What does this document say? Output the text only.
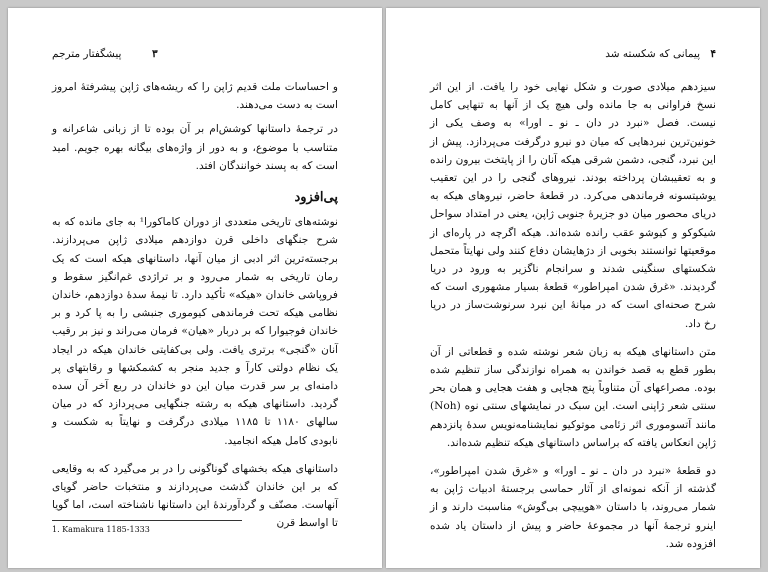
۳
پیشگفتار مترجم

و احساسات ملت قدیم ژاپن را که ریشه‌های ژاپن پیشرفتهٔ امروز است به دست می‌دهند.

در ترجمهٔ داستانها کوشش‌ام بر آن بوده تا از زبانی شاعرانه و متناسب با موضوع، و به دور از واژه‌های بیگانه بهره جویم. امید است که به پسند خوانندگان افتد.

پی‌افزود

نوشته‌های تاریخی متعددی از دوران کاماکورا¹ به جای مانده که به شرح جنگهای داخلی قرن دوازدهم میلادی ژاپن می‌پردازند. برجسته‌ترین اثر ادبی از میان آنها، داستانهای هیکه است که یک رمان تاریخی به شمار می‌رود و بر تراژدی غم‌انگیز سقوط و فروپاشی خاندان «هیکه» تأکید دارد. تا نیمهٔ سدهٔ دوازدهم، خاندان نظامی هیکه تحت فرماندهی کیوموری جنبشی را به پا کرد و بر خاندان فوجیوارا که بر دربار «هیان» فرمان می‌راند و نیز بر رقیب آنان «گنجی» برتری یافت. ولی بی‌کفایتی خاندان هیکه در ایجاد یک نظام دولتی کارآ و جدید منجر به کشمکشها و رقابتهای پر دامنه‌ای بر سر قدرت میان این دو خاندان در ربع آخر آن سده گردید. داستانهای هیکه به رشته جنگهایی می‌پردازد که در میان سالهای ۱۱۸۰ تا ۱۱۸۵ میلادی درگرفت و نهایتاً به شکست و نابودی کامل هیکه انجامید.

داستانهای هیکه بخشهای گوناگونی را در بر می‌گیرد که به وقایعی که بر این خاندان گذشت می‌پردازند و منتخبات حاضر گویای آنهاست. مصنّف و گردآورندهٔ این داستانها ناشناخته است، اما گویا تا اواسط قرن

1. Kamakura 1185-1333
۴
پیمانی که شکسته شد

سیزدهم میلادی صورت و شکل نهایی خود را یافت. از این اثر نسخ فراوانی به جا مانده ولی هیچ یک از آنها به تنهایی کامل نیست. فصل «نبرد در دان ـ نو ـ اورا» به وصف یکی از خونین‌ترین نبردهایی که میان دو نیرو درگرفت می‌پردازد. پیش از این نبرد، گنجی، دشمن شرقی هیکه آنان را از پایتخت بیرون رانده و به تعقیبشان پرداخته بودند. نیروهای گنجی را در این تعقیب یوشیتسونه فرماندهی می‌کرد. در قطعهٔ حاضر، نیروهای هیکه به دریای محصور میان دو جزیرهٔ جنوبی ژاپن، یعنی در امتداد سواحل شیکوکو و کیوشو عقب رانده شده‌اند. هیکه اگرچه در پاره‌ای از موقعیتها توانستند بخوبی از دژهایشان دفاع کنند ولی نهایتاً متحمل شکستهای سنگینی شدند و سرانجام ناگزیر به ورود در دریا گردیدند. «غرق شدن امپراطور» قطعهٔ بسیار مشهوری است که شرح صحنه‌ای است که در میانهٔ این نبرد سرنوشت‌ساز در دریا رخ داد.

متن داستانهای هیکه به زبان شعر نوشته شده و قطعاتی از آن بطور قطع به قصد خواندن به همراه نوازندگی ساز تنظیم شده بوده. مصراعهای آن متناوباً پنج هجایی و هفت هجایی و همان بحر سنتی شعر ژاپنی است. این سبک در نمایشهای سنتی نوه (Noh) مانند آتسوموری اثر زئامی موتوکیو نمایشنامه‌نویس سدهٔ پانزدهم ژاپن انعکاس یافته که براساس داستانهای هیکه تنظیم شده‌اند.

دو قطعهٔ «نبرد در دان ـ نو ـ اورا» و «غرق شدن امپراطور»، گذشته از آنکه نمونه‌ای از آثار حماسی برجستهٔ ادبیات ژاپن به شمار می‌روند، با داستان «هوییچی بی‌گوش» مناسبت دارند و از اینرو ترجمهٔ آنها در مجموعهٔ حاضر و پیش از داستان یاد شده افزوده شد.
